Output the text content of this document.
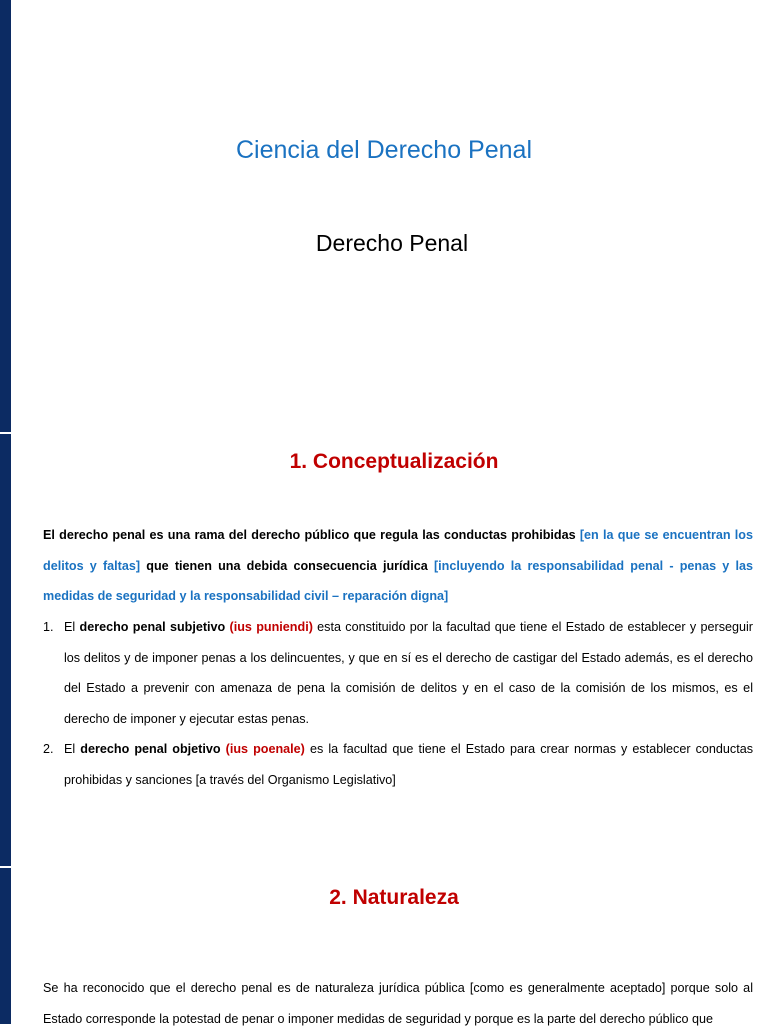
Ciencia del Derecho Penal
Derecho Penal
1. Conceptualización
El derecho penal es una rama del derecho público que regula las conductas prohibidas [en la que se encuentran los delitos y faltas] que tienen una debida consecuencia jurídica [incluyendo la responsabilidad penal - penas y las medidas de seguridad y la responsabilidad civil – reparación digna]
1. El derecho penal subjetivo (ius puniendi) esta constituido por la facultad que tiene el Estado de establecer y perseguir los delitos y de imponer penas a los delincuentes, y que en sí es el derecho de castigar del Estado además, es el derecho del Estado a prevenir con amenaza de pena la comisión de delitos y en el caso de la comisión de los mismos, es el derecho de imponer y ejecutar estas penas.
2. El derecho penal objetivo (ius poenale) es la facultad que tiene el Estado para crear normas y establecer conductas prohibidas y sanciones [a través del Organismo Legislativo]
2. Naturaleza
Se ha reconocido que el derecho penal es de naturaleza jurídica pública [como es generalmente aceptado] porque solo al Estado corresponde la potestad de penar o imponer medidas de seguridad y porque es la parte del derecho público que
